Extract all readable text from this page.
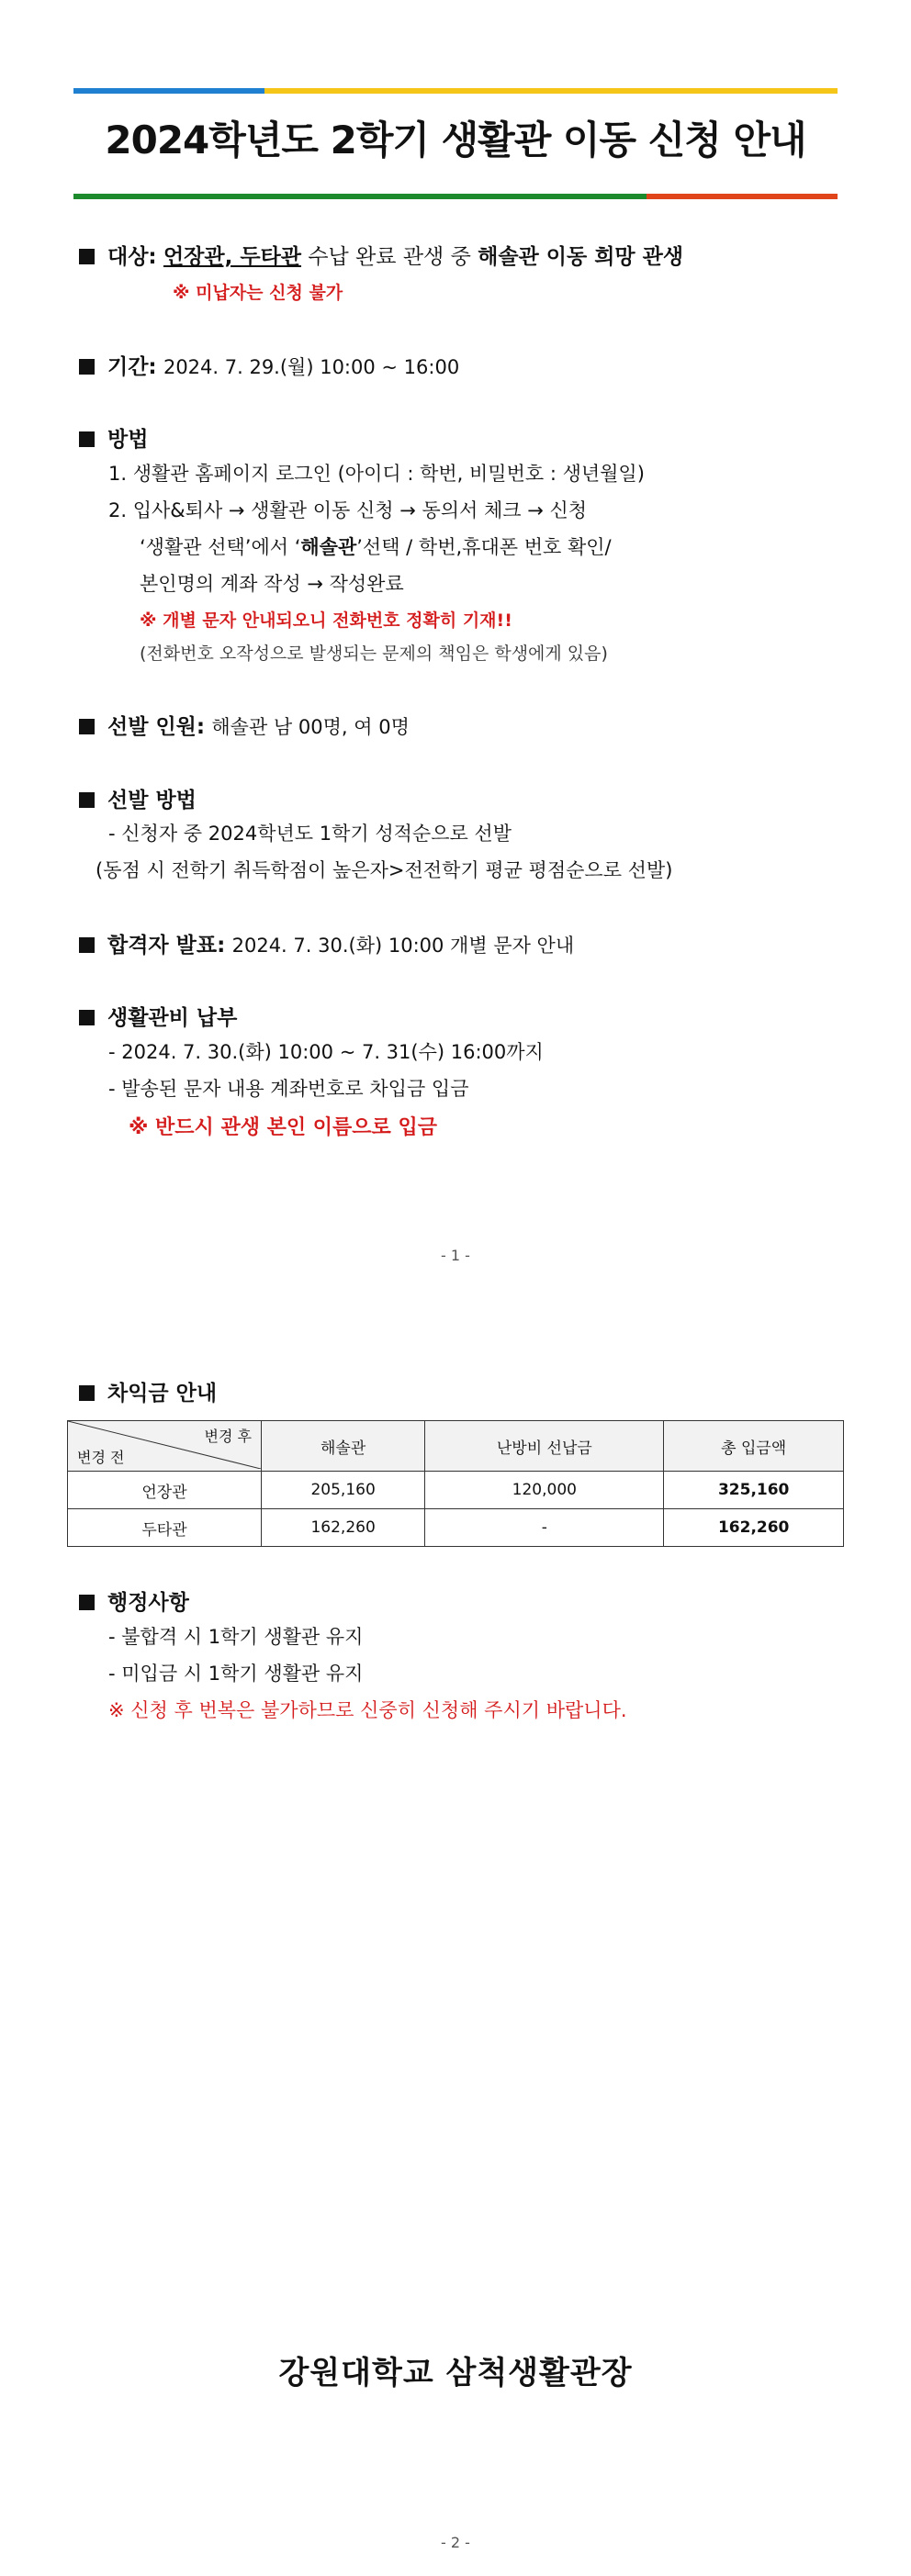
2024학년도 2학기 생활관 이동 신청 안내
대상: 언장관, 두타관 수납 완료 관생 중 해솔관 이동 희망 관생
※ 미납자는 신청 불가
기간: 2024. 7. 29.(월) 10:00 ~ 16:00
방법
1. 생활관 홈페이지 로그인 (아이디 : 학번, 비밀번호 : 생년월일)
2. 입사&퇴사 → 생활관 이동 신청 → 동의서 체크 → 신청
‘생활관 선택’에서 ‘해솔관’선택 / 학번,휴대폰 번호 확인/
본인명의 계좌 작성 → 작성완료
※ 개별 문자 안내되오니 전화번호 정확히 기재!!
(전화번호 오작성으로 발생되는 문제의 책임은 학생에게 있음)
선발 인원: 해솔관 남 00명, 여 0명
선발 방법
- 신청자 중 2024학년도 1학기 성적순으로 선발
(동점 시 전학기 취득학점이 높은자>전전학기 평균 평점순으로 선발)
합격자 발표: 2024. 7. 30.(화) 10:00 개별 문자 안내
생활관비 납부
- 2024. 7. 30.(화) 10:00 ~ 7. 31(수) 16:00까지
- 발송된 문자 내용 계좌번호로 차입금 입금
※ 반드시 관생 본인 이름으로 입금
- 1 -
차익금 안내
변경 후
변경 전	해솔관	난방비 선납금	총 입금액
언장관	205,160	120,000	325,160
두타관	162,260	-	162,260
행정사항
- 불합격 시 1학기 생활관 유지
- 미입금 시 1학기 생활관 유지
※ 신청 후 번복은 불가하므로 신중히 신청해 주시기 바랍니다.
강원대학교 삼척생활관장
- 2 -
